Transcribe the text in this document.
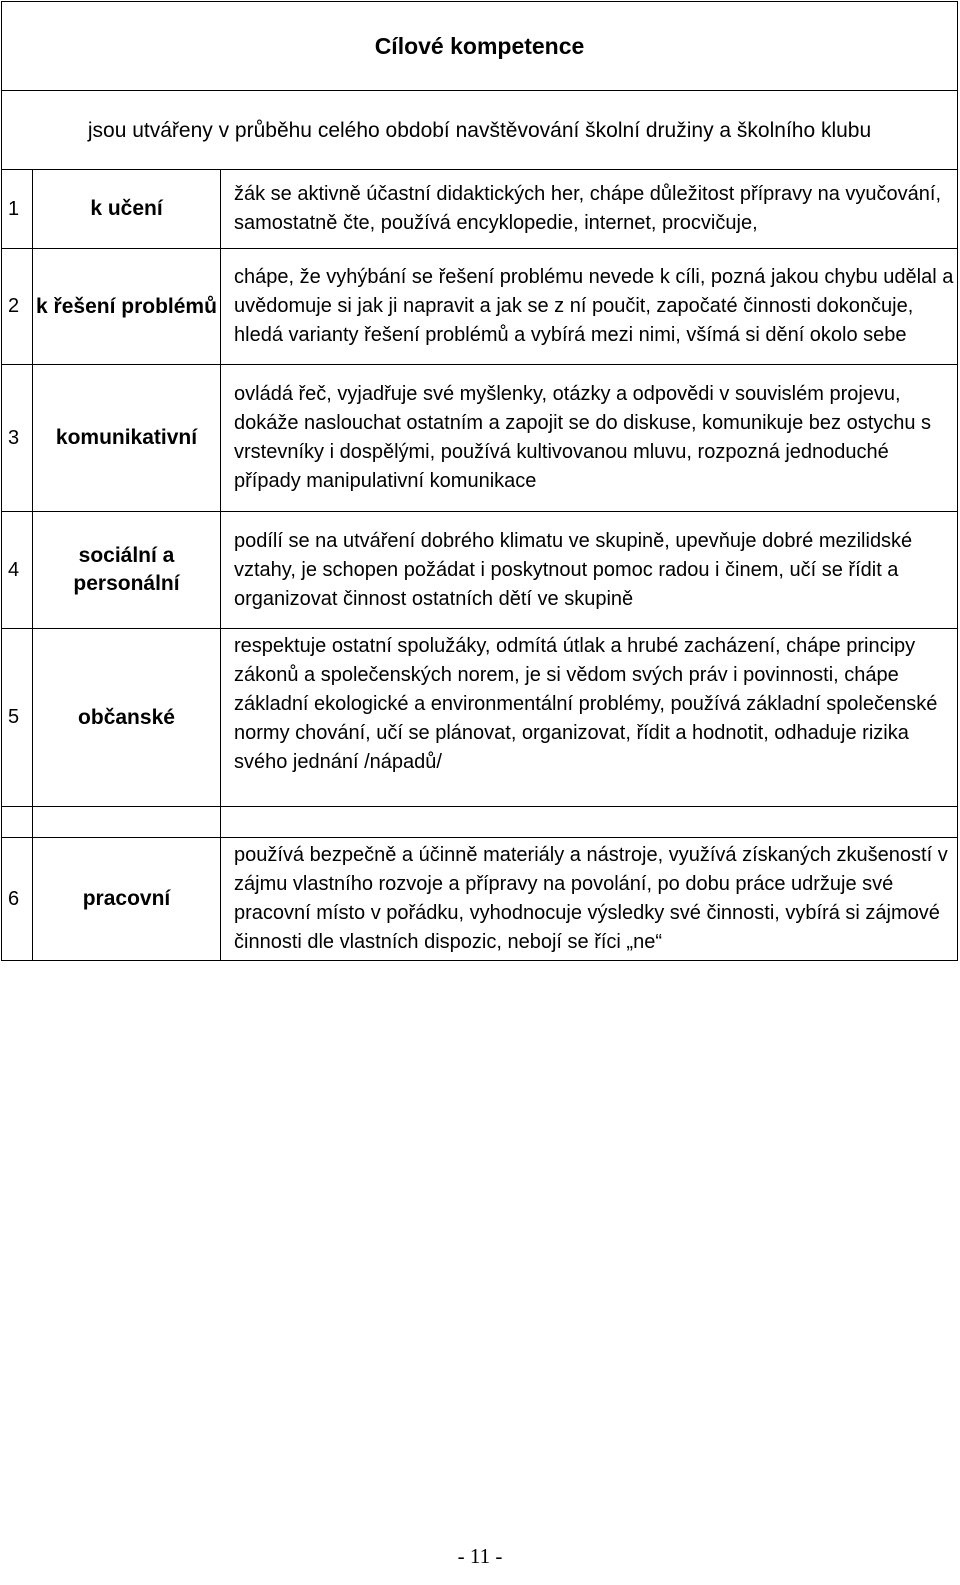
Cílové kompetence		
jsou utvářeny v průběhu celého období navštěvování školní družiny a školního klubu		
1	k učení	žák se aktivně účastní didaktických her, chápe důležitost přípravy na vyučování, samostatně čte, používá encyklopedie, internet, procvičuje,
2	k řešení problémů	chápe, že vyhýbání se řešení problému nevede k cíli, pozná jakou chybu udělal a uvědomuje si jak ji napravit a jak se z ní poučit, započaté činnosti dokončuje, hledá varianty řešení problémů a vybírá mezi nimi, všímá si dění okolo sebe
3	komunikativní	ovládá řeč, vyjadřuje své myšlenky, otázky a odpovědi v souvislém projevu, dokáže naslouchat ostatním a zapojit se do diskuse, komunikuje bez ostychu s vrstevníky i dospělými, používá kultivovanou mluvu, rozpozná jednoduché případy manipulativní komunikace
4	sociální a personální	podílí se na utváření dobrého klimatu ve skupině, upevňuje dobré mezilidské vztahy, je schopen požádat i poskytnout pomoc radou i činem, učí se řídit a organizovat činnost ostatních dětí ve skupině
5	občanské	respektuje ostatní spolužáky, odmítá útlak a hrubé zacházení, chápe principy zákonů a společenských norem, je si vědom svých práv i povinnosti, chápe základní ekologické a environmentální problémy, používá základní společenské normy chování, učí se plánovat, organizovat, řídit a hodnotit, odhaduje rizika svého jednání /nápadů/

6	pracovní	používá bezpečně a účinně materiály a nástroje, využívá získaných zkušeností v zájmu vlastního rozvoje a přípravy na povolání, po dobu práce udržuje své pracovní místo v pořádku, vyhodnocuje výsledky své činnosti, vybírá si zájmové činnosti dle vlastních dispozic, nebojí se říci „ne“
- 11 -
